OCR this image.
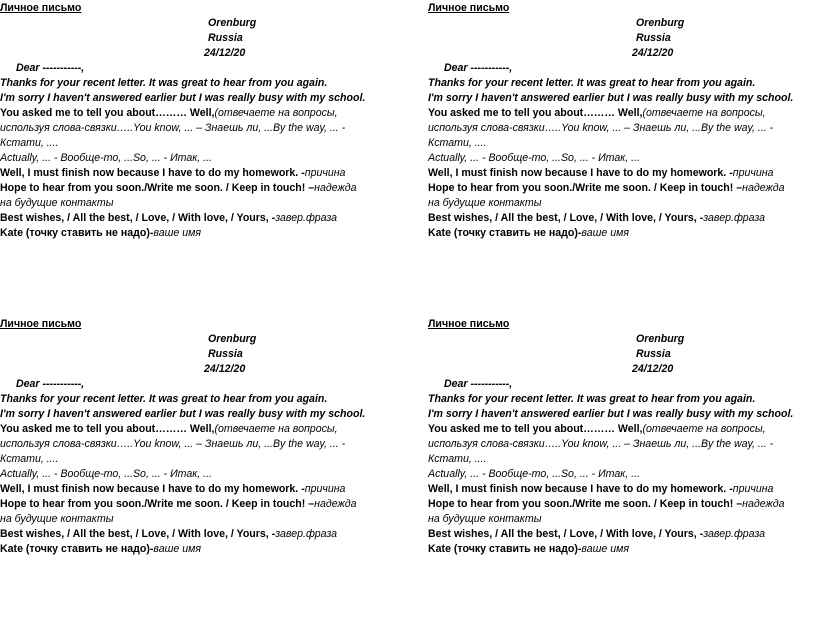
Личное письмо
Orenburg
Russia
24/12/20
Dear -----------,
Thanks for your recent letter. It was great to hear from you again.
I'm sorry I haven't answered earlier but I was really busy with my school.
You asked me to tell you about……… Well,(отвечаете на вопросы,
используя слова-связки…..You know, ... – Знаешь ли, ...By the way, ... -
Кстати, ....
Actually, ... - Вообще-то, ...So, ... - Итак, ...
Well, I must finish now because I have to do my homework. -причина
Hope to hear from you soon./Write me soon. / Keep in touch! –надежда
на будущие контакты
Best wishes, / All the best, / Love, / With love, / Yours, -завер.фраза
Kate (точку ставить не надо)-ваше имя
Личное письмо
Orenburg
Russia
24/12/20
Dear -----------,
Thanks for your recent letter. It was great to hear from you again.
I'm sorry I haven't answered earlier but I was really busy with my school.
You asked me to tell you about……… Well,(отвечаете на вопросы,
используя слова-связки…..You know, ... – Знаешь ли, ...By the way, ... -
Кстати, ....
Actually, ... - Вообще-то, ...So, ... - Итак, ...
Well, I must finish now because I have to do my homework. -причина
Hope to hear from you soon./Write me soon. / Keep in touch! –надежда
на будущие контакты
Best wishes, / All the best, / Love, / With love, / Yours, -завер.фраза
Kate (точку ставить не надо)-ваше имя
Личное письмо
Orenburg
Russia
24/12/20
Dear -----------,
Thanks for your recent letter. It was great to hear from you again.
I'm sorry I haven't answered earlier but I was really busy with my school.
You asked me to tell you about……… Well,(отвечаете на вопросы,
используя слова-связки…..You know, ... – Знаешь ли, ...By the way, ... -
Кстати, ....
Actually, ... - Вообще-то, ...So, ... - Итак, ...
Well, I must finish now because I have to do my homework. -причина
Hope to hear from you soon./Write me soon. / Keep in touch! –надежда
на будущие контакты
Best wishes, / All the best, / Love, / With love, / Yours, -завер.фраза
Kate (точку ставить не надо)-ваше имя
Личное письмо
Orenburg
Russia
24/12/20
Dear -----------,
Thanks for your recent letter. It was great to hear from you again.
I'm sorry I haven't answered earlier but I was really busy with my school.
You asked me to tell you about……… Well,(отвечаете на вопросы,
используя слова-связки…..You know, ... – Знаешь ли, ...By the way, ... -
Кстати, ....
Actually, ... - Вообще-то, ...So, ... - Итак, ...
Well, I must finish now because I have to do my homework. -причина
Hope to hear from you soon./Write me soon. / Keep in touch! –надежда
на будущие контакты
Best wishes, / All the best, / Love, / With love, / Yours, -завер.фраза
Kate (точку ставить не надо)-ваше имя
